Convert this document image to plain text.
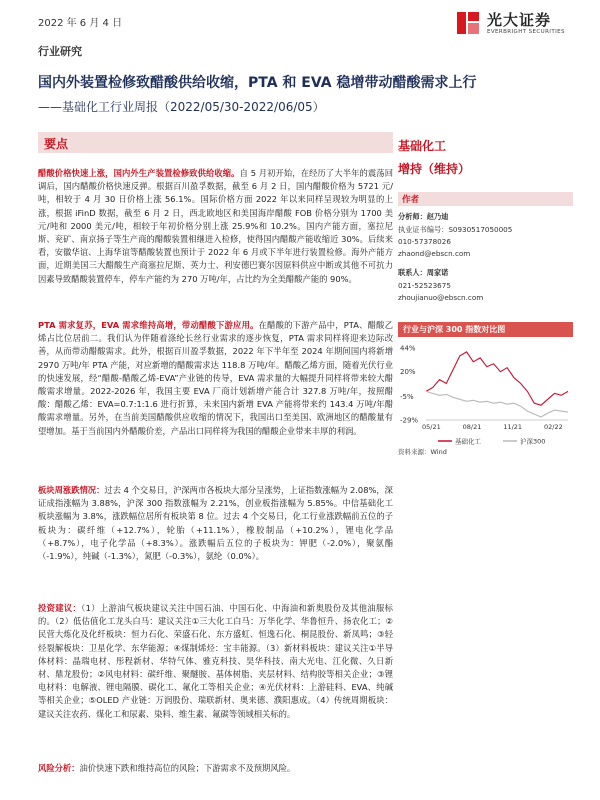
2022 年 6 月 4 日	光大证券
EVERBRIGHT SECURITIES
行业研究
国内外装置检修致醋酸供给收缩，PTA 和 EVA 稳增带动醋酸需求上行
——基础化工行业周报（2022/05/30-2022/06/05）
要点
醋酸价格快速上涨，国内外生产装置检修致供给收缩。自 5 月初开始，在经历了大半年的震荡回调后，国内醋酸价格快速反弹。根据百川盈孚数据，截至 6 月 2 日，国内醋酸价格为 5721 元/吨，相较于 4 月 30 日价格上涨 56.1%。国际价格方面 2022 年以来同样呈现较为明显的上涨，根据 iFinD 数据，截至 6 月 2 日，西北欧地区和美国海岸醋酸 FOB 价格分别为 1700 美元/吨和 2000 美元/吨，相较于年初价格分别上涨 25.9%和 10.2%。国内产能方面，塞拉尼斯、兖矿、南京扬子等生产商的醋酸装置相继进入检修，使得国内醋酸产能收缩近 30%。后续来看，安徽华谊、上海华谊等醋酸装置也预计于 2022 年 6 月或下半年进行装置检修。海外产能方面，近期美国三大醋酸生产商塞拉尼斯、英力士、利安德巴赛尔因原料供应中断或其他不可抗力因素导致醋酸装置停车，停车产能约为 270 万吨/年，占比约为全美醋酸产能的 90%。
PTA 需求复苏，EVA 需求维持高增，带动醋酸下游应用。在醋酸的下游产品中，PTA、醋酸乙烯占比位居前二。我们认为伴随着涤纶长丝行业需求的逐步恢复，PTA 需求同样将迎来边际改善，从而带动醋酸需求。此外，根据百川盈孚数据，2022 年下半年至 2024 年期间国内将新增 2970 万吨/年 PTA 产能，对应新增的醋酸需求达 118.8 万吨/年。醋酸乙烯方面，随着光伏行业的快速发展，经“醋酸-醋酸乙烯-EVA”产业链的传导，EVA 需求量的大幅提升同样将带来较大醋酸需求增量。2022-2026 年，我国主要 EVA 厂商计划新增产能合计 327.8 万吨/年，按照醋酸：醋酸乙烯：EVA=0.7:1:1.6 进行折算，未来国内新增 EVA 产能将带来约 143.4 万吨/年醋酸需求增量。另外，在当前美国醋酸供应收缩的情况下，我国出口至美国、欧洲地区的醋酸量有望增加。基于当前国内外醋酸价差，产品出口同样将为我国的醋酸企业带来丰厚的利润。
板块周涨跌情况：过去 4 个交易日，沪深两市各板块大部分呈涨势，上证指数涨幅为 2.08%，深证成指涨幅为 3.88%，沪深 300 指数涨幅为 2.21%，创业板指涨幅为 5.85%。中信基础化工板块涨幅为 3.8%，涨跌幅位居所有板块第 8 位。过去 4 个交易日，化工行业涨跌幅前五位的子板块为：碳纤维（+12.7%），轮胎（+11.1%），橡胶制品（+10.2%），锂电化学品（+8.7%），电子化学品（+8.3%）。涨跌幅后五位的子板块为：钾肥（-2.0%），聚氨酯（-1.9%），纯碱（-1.3%），氮肥（-0.3%），氨纶（0.0%）。
投资建议：（1）上游油气板块建议关注中国石油、中国石化、中海油和新奥股份及其他油服标的。（2）低估值化工龙头白马：建议关注①三大化工白马：万华化学、华鲁恒升、扬农化工；②民营大炼化及化纤板块：恒力石化、荣盛石化、东方盛虹、恒逸石化、桐昆股份、新凤鸣；③轻烃裂解板块：卫星化学、东华能源；④煤制烯烃：宝丰能源。（3）新材料板块：建议关注①半导体材料：晶瑞电材、彤程新材、华特气体、雅克科技、昊华科技、南大光电、江化微、久日新材、鼎龙股份；②风电材料：碳纤维、聚醚胺、基体树脂、夹层材料、结构胶等相关企业；③锂电材料：电解液、锂电隔膜、碳化工、氟化工等相关企业；④光伏材料：上游硅料、EVA、纯碱等相关企业；⑤OLED 产业链：万润股份、瑞联新材、奥来德、濮阳惠成。（4）传统周期板块：建议关注农药、煤化工和尿素、染料、维生素、氟碳等领域相关标的。
风险分析：油价快速下跌和维持高位的风险；下游需求不及预期风险。
基础化工
增持（维持）
作者
分析师：赵乃迪
执业证书编号：S0930517050005
010-57378026
zhaond@ebscn.com
联系人：周家诺
021-52523675
zhoujianuo@ebscn.com
行业与沪深 300 指数对比图
44%
20%
-5%
-29%
05/21	08/21	11/21	02/22
基础化工	沪深300
资料来源：Wind
